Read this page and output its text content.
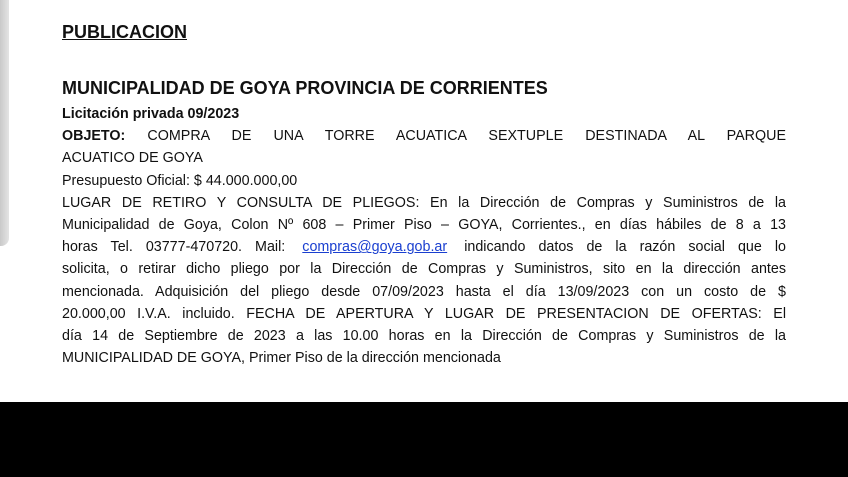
PUBLICACION
MUNICIPALIDAD DE GOYA PROVINCIA DE CORRIENTES
Licitación privada 09/2023
OBJETO: COMPRA DE UNA TORRE ACUATICA SEXTUPLE DESTINADA AL PARQUE
ACUATICO DE GOYA
Presupuesto Oficial: $ 44.000.000,00
LUGAR DE RETIRO Y CONSULTA DE PLIEGOS: En la Dirección de Compras y Suministros de la
Municipalidad de Goya, Colon Nº 608 – Primer Piso – GOYA, Corrientes., en días hábiles de 8 a 13
horas Tel. 03777-470720. Mail: compras@goya.gob.ar indicando datos de la razón social que lo
solicita, o retirar dicho pliego por la Dirección de Compras y Suministros, sito en la dirección antes
mencionada. Adquisición del pliego desde 07/09/2023 hasta el día 13/09/2023 con un costo de $
20.000,00 I.V.A. incluido. FECHA DE APERTURA Y LUGAR DE PRESENTACION DE OFERTAS: El
día 14 de Septiembre de 2023 a las 10.00 horas en la Dirección de Compras y Suministros de la
MUNICIPALIDAD DE GOYA, Primer Piso de la dirección mencionada
